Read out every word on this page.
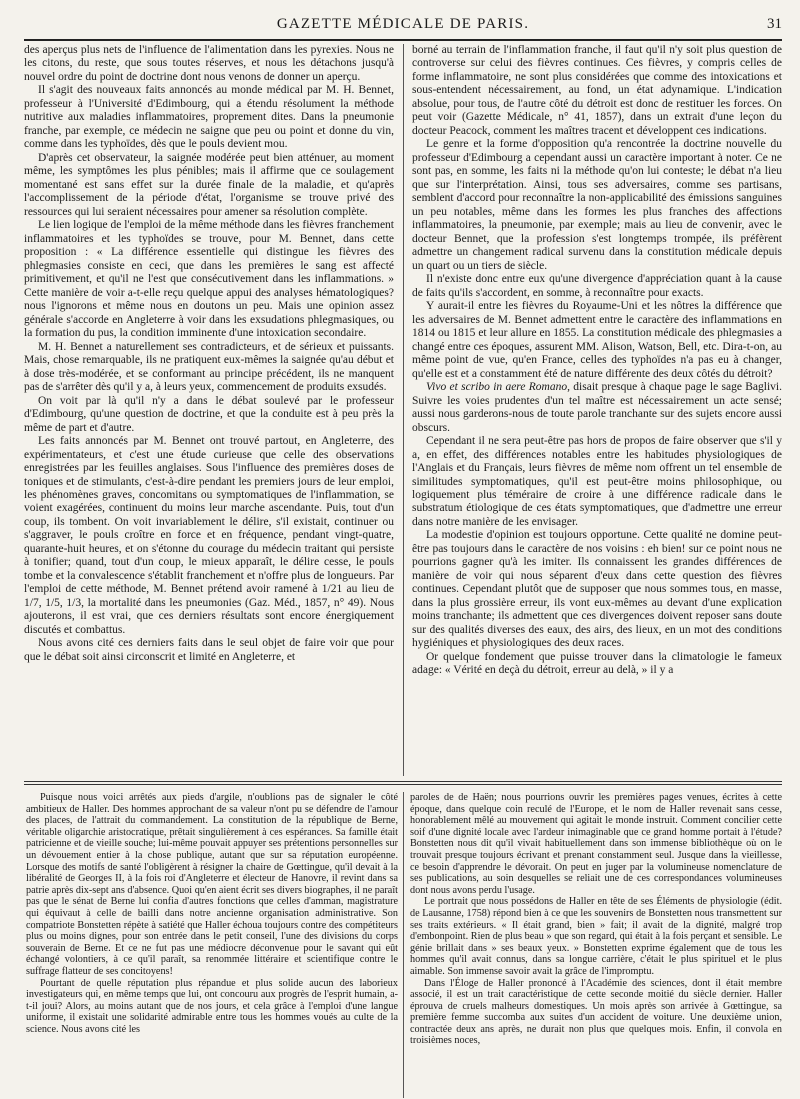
GAZETTE MÉDICALE DE PARIS.	31

des aperçus plus nets de l'influence de l'alimentation dans les pyrexies. Nous ne les citons, du reste, que sous toutes réserves, et nous les détachons jusqu'à nouvel ordre du point de doctrine dont nous venons de donner un aperçu.

Il s'agit des nouveaux faits annoncés au monde médical par M. H. Bennet, professeur à l'Université d'Edimbourg, qui a étendu résolument la méthode nutritive aux maladies inflammatoires, proprement dites. Dans la pneumonie franche, par exemple, ce médecin ne saigne que peu ou point et donne du vin, comme dans les typhoïdes, dès que le pouls devient mou.

D'après cet observateur, la saignée modérée peut bien atténuer, au moment même, les symptômes les plus pénibles; mais il affirme que ce soulagement momentané est sans effet sur la durée finale de la maladie, et qu'après l'accomplissement de la période d'état, l'organisme se trouve privé des ressources qui lui seraient nécessaires pour amener sa résolution complète.

Le lien logique de l'emploi de la même méthode dans les fièvres franchement inflammatoires et les typhoïdes se trouve, pour M. Bennet, dans cette proposition : « La différence essentielle qui distingue les fièvres des phlegmasies consiste en ceci, que dans les premières le sang est affecté primitivement, et qu'il ne l'est que consécutivement dans les inflammations. » Cette manière de voir a-t-elle reçu quelque appui des analyses hématologiques? nous l'ignorons et même nous en doutons un peu. Mais une opinion assez générale s'accorde en Angleterre à voir dans les exsudations phlegmasiques, ou la formation du pus, la condition imminente d'une intoxication secondaire.

M. H. Bennet a naturellement ses contradicteurs, et de sérieux et puissants. Mais, chose remarquable, ils ne pratiquent eux-mêmes la saignée qu'au début et à dose très-modérée, et se conformant au principe précédent, ils ne manquent pas de s'arrêter dès qu'il y a, à leurs yeux, commencement de produits exsudés.

On voit par là qu'il n'y a dans le débat soulevé par le professeur d'Edimbourg, qu'une question de doctrine, et que la conduite est à peu près la même de part et d'autre.

Les faits annoncés par M. Bennet ont trouvé partout, en Angleterre, des expérimentateurs, et c'est une étude curieuse que celle des observations enregistrées par les feuilles anglaises. Sous l'influence des premières doses de toniques et de stimulants, c'est-à-dire pendant les premiers jours de leur emploi, les phénomènes graves, concomitans ou symptomatiques de l'inflammation, se voient exagérées, continuent du moins leur marche ascendante. Puis, tout d'un coup, ils tombent. On voit invariablement le délire, s'il existait, continuer ou s'aggraver, le pouls croître en force et en fréquence, pendant vingt-quatre, quarante-huit heures, et on s'étonne du courage du médecin traitant qui persiste à tonifier; quand, tout d'un coup, le mieux apparaît, le délire cesse, le pouls tombe et la convalescence s'établit franchement et n'offre plus de longueurs. Par l'emploi de cette méthode, M. Bennet prétend avoir ramené à 1/21 au lieu de 1/7, 1/5, 1/3, la mortalité dans les pneumonies (Gaz. Méd., 1857, n° 49). Nous ajouterons, il est vrai, que ces derniers résultats sont encore énergiquement discutés et combattus.

Nous avons cité ces derniers faits dans le seul objet de faire voir que pour que le débat soit ainsi circonscrit et limité en Angleterre, et

borné au terrain de l'inflammation franche, il faut qu'il n'y soit plus question de controverse sur celui des fièvres continues. Ces fièvres, y compris celles de forme inflammatoire, ne sont plus considérées que comme des intoxications et sous-entendent nécessairement, au fond, un état adynamique. L'indication absolue, pour tous, de l'autre côté du détroit est donc de restituer les forces. On peut voir (Gazette Médicale, n° 41, 1857), dans un extrait d'une leçon du docteur Peacock, comment les maîtres tracent et développent ces indications.

Le genre et la forme d'opposition qu'a rencontrée la doctrine nouvelle du professeur d'Edimbourg a cependant aussi un caractère important à noter. Ce ne sont pas, en somme, les faits ni la méthode qu'on lui conteste; le débat n'a lieu que sur l'interprétation. Ainsi, tous ses adversaires, comme ses partisans, semblent d'accord pour reconnaître la non-applicabilité des émissions sanguines un peu notables, même dans les formes les plus franches des affections inflammatoires, la pneumonie, par exemple; mais au lieu de convenir, avec le docteur Bennet, que la profession s'est longtemps trompée, ils préfèrent admettre un changement radical survenu dans la constitution médicale depuis un quart ou un tiers de siècle.

Il n'existe donc entre eux qu'une divergence d'appréciation quant à la cause de faits qu'ils s'accordent, en somme, à reconnaître pour exacts.

Y aurait-il entre les fièvres du Royaume-Uni et les nôtres la différence que les adversaires de M. Bennet admettent entre le caractère des inflammations en 1814 ou 1815 et leur allure en 1855. La constitution médicale des phlegmasies a changé entre ces époques, assurent MM. Alison, Watson, Bell, etc. Dira-t-on, au même point de vue, qu'en France, celles des typhoïdes n'a pas eu à changer, qu'elle est et a constamment été de nature différente des deux côtés du détroit?

Vivo et scribo in aere Romano, disait presque à chaque page le sage Baglivi. Suivre les voies prudentes d'un tel maître est nécessairement un acte sensé; aussi nous garderons-nous de toute parole tranchante sur des sujets encore aussi obscurs.

Cependant il ne sera peut-être pas hors de propos de faire observer que s'il y a, en effet, des différences notables entre les habitudes physiologiques de l'Anglais et du Français, leurs fièvres de même nom offrent un tel ensemble de similitudes symptomatiques, qu'il est peut-être moins philosophique, ou logiquement plus téméraire de croire à une différence radicale dans le substratum étiologique de ces états symptomatiques, que d'admettre une erreur dans notre manière de les envisager.

La modestie d'opinion est toujours opportune. Cette qualité ne domine peut-être pas toujours dans le caractère de nos voisins : eh bien! sur ce point nous ne pourrions gagner qu'à les imiter. Ils connaissent les grandes différences de manière de voir qui nous séparent d'eux dans cette question des fièvres continues. Cependant plutôt que de supposer que nous sommes tous, en masse, dans la plus grossière erreur, ils vont eux-mêmes au devant d'une explication moins tranchante; ils admettent que ces divergences doivent reposer sans doute sur des qualités diverses des eaux, des airs, des lieux, en un mot des conditions hygiéniques et physiologiques des deux races.

Or quelque fondement que puisse trouver dans la climatologie le fameux adage: « Vérité en deçà du détroit, erreur au delà, » il y a

Puisque nous voici arrêtés aux pieds d'argile, n'oublions pas de signaler le côté ambitieux de Haller. Des hommes approchant de sa valeur n'ont pu se défendre de l'amour des places, de l'attrait du commandement. La constitution de la république de Berne, véritable oligarchie aristocratique, prêtait singulièrement à ces espérances. Sa famille était patricienne et de vieille souche; lui-même pouvait appuyer ses prétentions personnelles sur un dévouement entier à la chose publique, autant que sur sa réputation européenne. Lorsque des motifs de santé l'obligèrent à résigner la chaire de Gœttingue, qu'il devait à la libéralité de Georges II, à la fois roi d'Angleterre et électeur de Hanovre, il revint dans sa patrie après dix-sept ans d'absence. Quoi qu'en aient écrit ses divers biographes, il ne paraît pas que le sénat de Berne lui confia d'autres fonctions que celles d'amman, magistrature qui équivaut à celle de bailli dans notre ancienne organisation administrative. Son compatriote Bonstetten répète à satiété que Haller échoua toujours contre des compétiteurs plus ou moins dignes, pour son entrée dans le petit conseil, l'une des divisions du corps souverain de Berne. Et ce ne fut pas une médiocre déconvenue pour le savant qui eût échangé volontiers, à ce qu'il paraît, sa renommée littéraire et scientifique contre le suffrage flatteur de ses concitoyens!

Pourtant de quelle réputation plus répandue et plus solide aucun des laborieux investigateurs qui, en même temps que lui, ont concouru aux progrès de l'esprit humain, a-t-il joui? Alors, au moins autant que de nos jours, et cela grâce à l'emploi d'une langue uniforme, il existait une solidarité admirable entre tous les hommes voués au culte de la science. Nous avons cité les

paroles de de Haën; nous pourrions ouvrir les premières pages venues, écrites à cette époque, dans quelque coin reculé de l'Europe, et le nom de Haller revenait sans cesse, honorablement mêlé au mouvement qui agitait le monde instruit. Comment concilier cette soif d'une dignité locale avec l'ardeur inimaginable que ce grand homme portait à l'étude? Bonstetten nous dit qu'il vivait habituellement dans son immense bibliothèque où on le trouvait presque toujours écrivant et prenant constamment seul. Jusque dans la vieillesse, ce besoin d'apprendre le dévorait. On peut en juger par la volumineuse nomenclature de ses publications, au soin desquelles se reliait une de ces correspondances volumineuses dont nous avons perdu l'usage.

Le portrait que nous possédons de Haller en tête de ses Éléments de physiologie (édit. de Lausanne, 1758) répond bien à ce que les souvenirs de Bonstetten nous transmettent sur ses traits extérieurs. « Il était grand, bien » fait; il avait de la dignité, malgré trop d'embonpoint. Rien de plus beau » que son regard, qui était à la fois perçant et sensible. Le génie brillait dans » ses beaux yeux. » Bonstetten exprime également que de tous les hommes qu'il avait connus, dans sa longue carrière, c'était le plus spirituel et le plus aimable. Son immense savoir avait la grâce de l'impromptu.

Dans l'Éloge de Haller prononcé à l'Académie des sciences, dont il était membre associé, il est un trait caractéristique de cette seconde moitié du siècle dernier. Haller éprouva de cruels malheurs domestiques. Un mois après son arrivée à Gœttingue, sa première femme succomba aux suites d'un accident de voiture. Une deuxième union, contractée deux ans après, ne durait non plus que quelques mois. Enfin, il convola en troisièmes noces,
